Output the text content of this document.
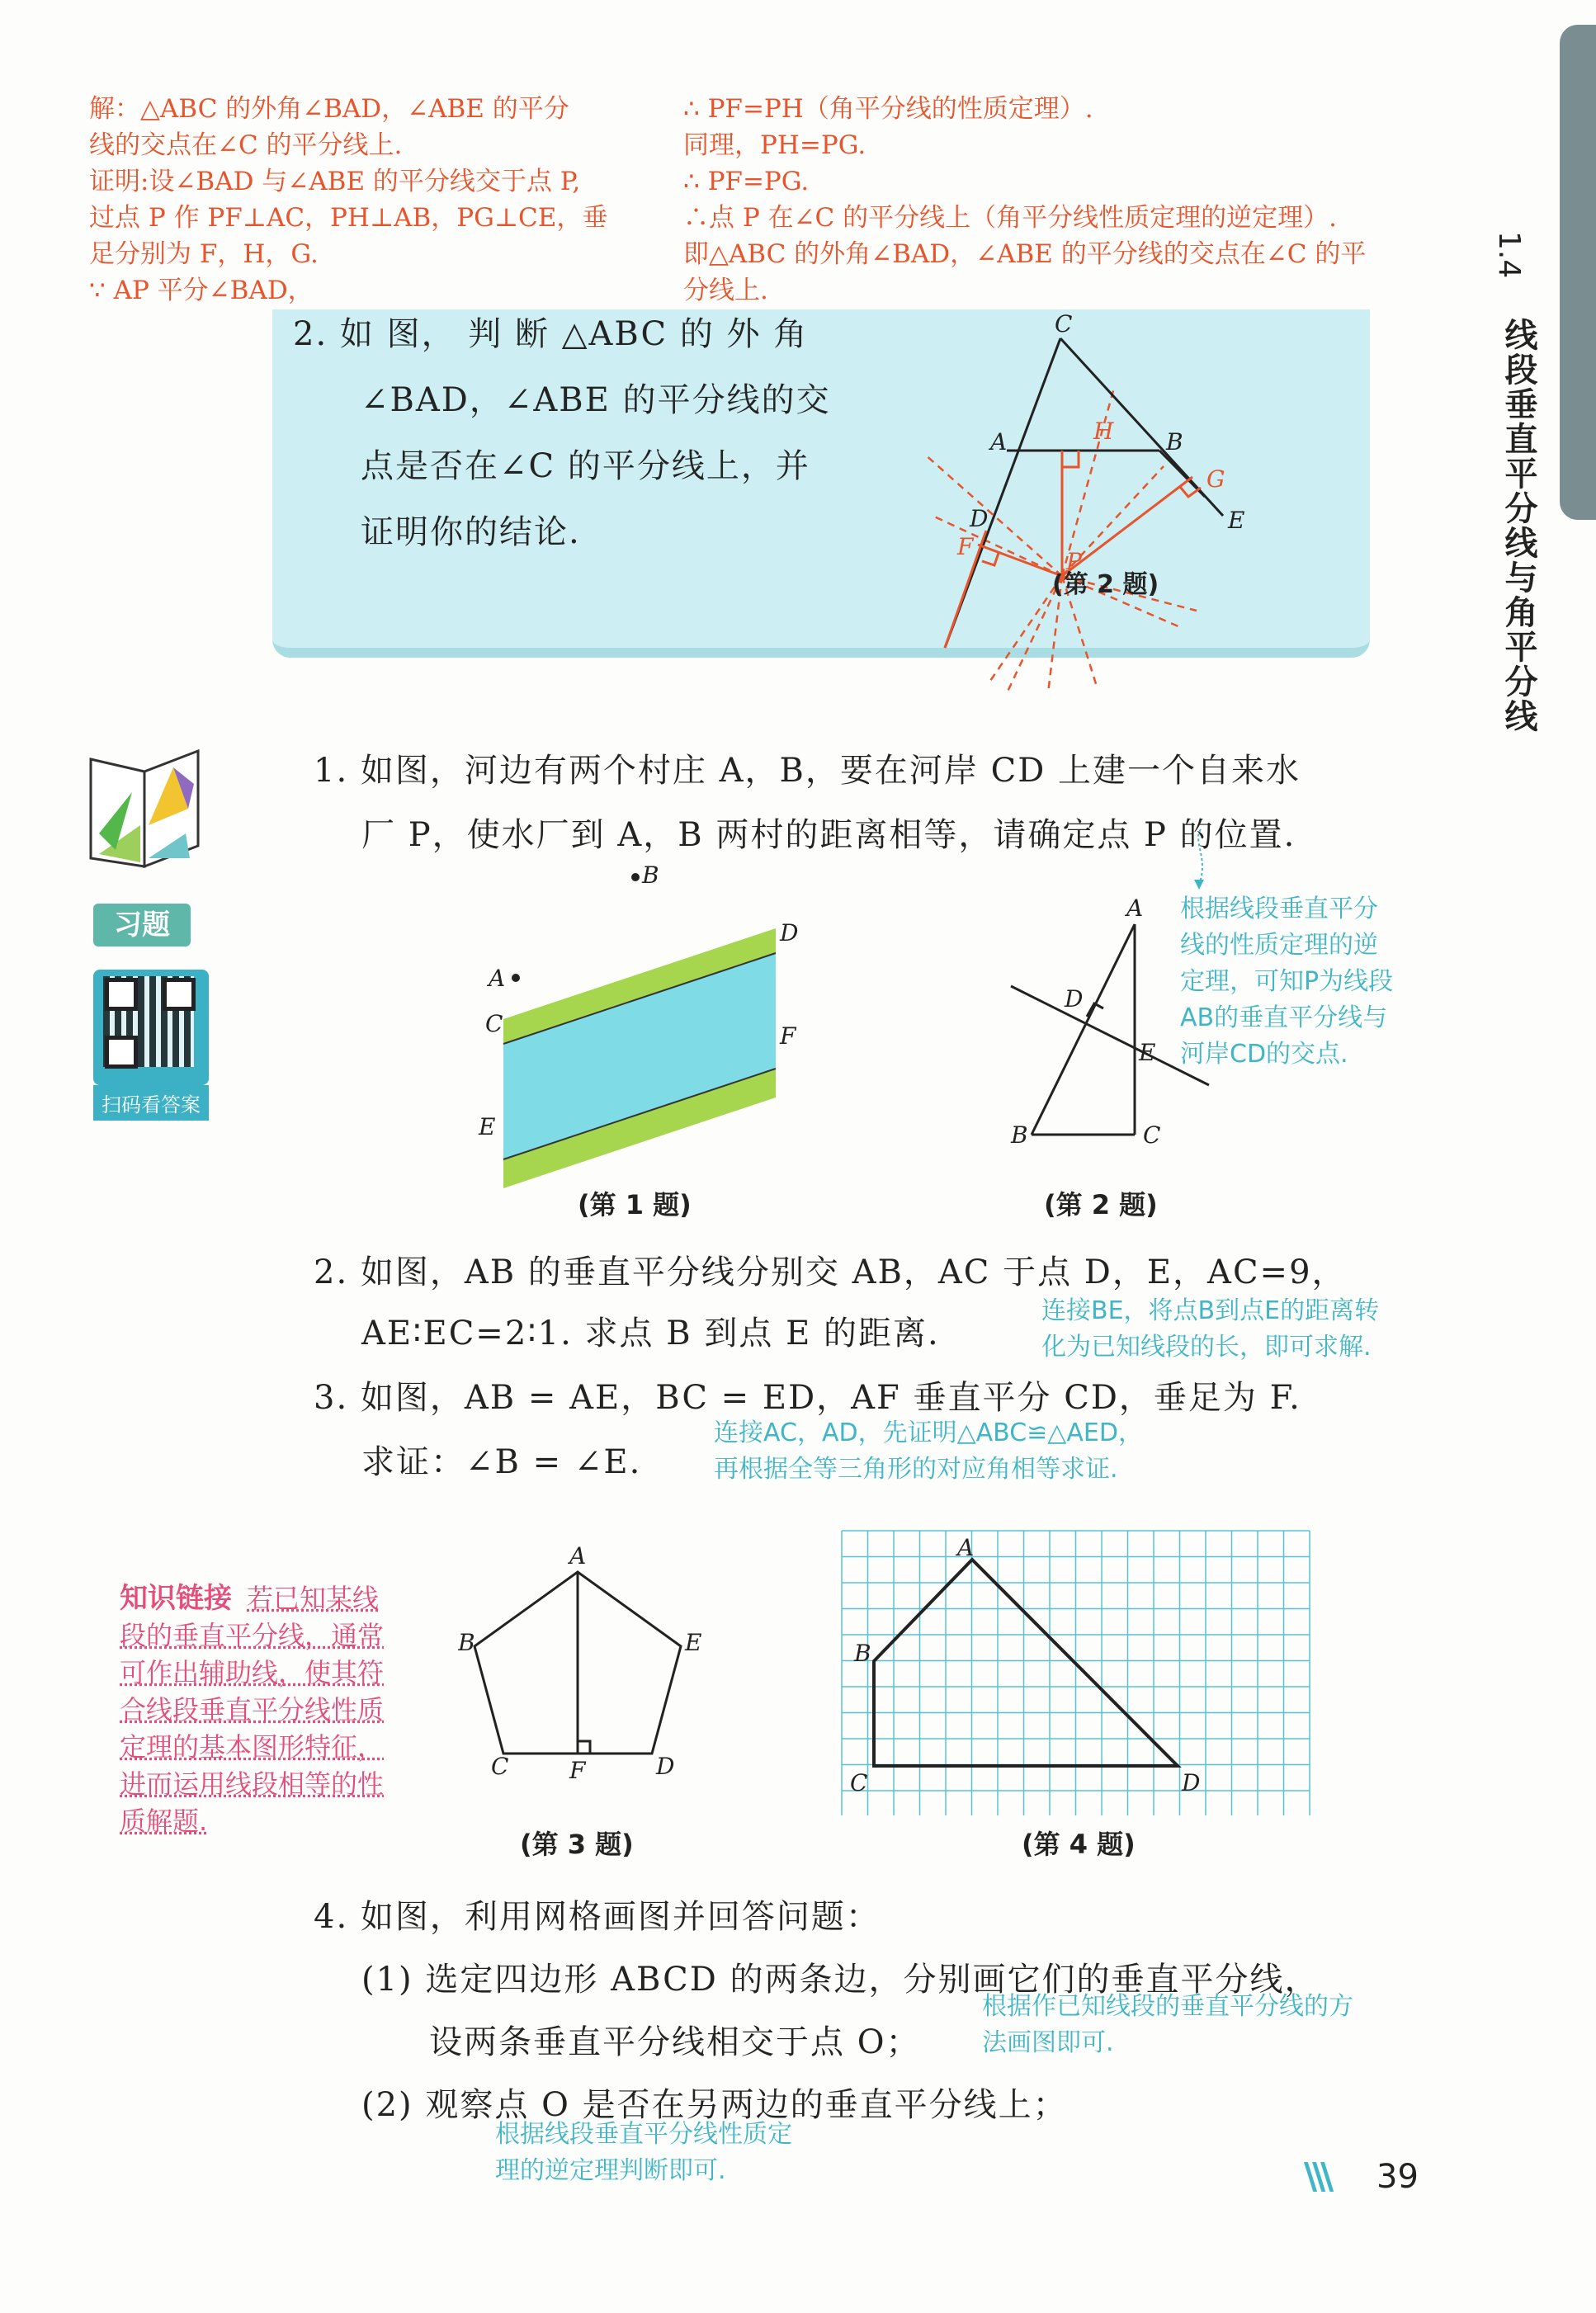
1.4
线段垂直平分线与角平分线
解：△ABC 的外角∠BAD，∠ABE 的平分
线的交点在∠C 的平分线上.
证明:设∠BAD 与∠ABE 的平分线交于点 P,
过点 P 作 PF⊥AC，PH⊥AB，PG⊥CE，垂
足分别为 F，H，G.
∵ AP 平分∠BAD，
∴ PF=PH（角平分线的性质定理）.
同理，PH=PG.
∴ PF=PG.
∴点 P 在∠C 的平分线上（角平分线性质定理的逆定理）.
即△ABC 的外角∠BAD，∠ABE 的平分线的交点在∠C 的平
分线上.
2. 如 图， 判 断 △ABC 的 外 角
∠BAD，∠ABE 的平分线的交
点是否在∠C 的平分线上，并
证明你的结论.
C
A	B
D	E
H
G
F
P
(第 2 题)
习题
扫码看答案
1. 如图，河边有两个村庄 A，B，要在河岸 CD 上建一个自来水
厂 P，使水厂到 A，B 两村的距离相等，请确定点 P 的位置.
根据线段垂直平分
线的性质定理的逆
定理，可知P为线段
AB的垂直平分线与
河岸CD的交点.
B
A
C
D
F
E
(第 1 题)
A
D
E
B	C
(第 2 题)
2. 如图，AB 的垂直平分线分别交 AB，AC 于点 D，E，AC=9，
AE∶EC=2∶1. 求点 B 到点 E 的距离.
连接BE，将点B到点E的距离转
化为已知线段的长，即可求解.
3. 如图，AB = AE，BC = ED，AF 垂直平分 CD，垂足为 F.
求证：∠B = ∠E.
连接AC，AD，先证明△ABC≌△AED，
再根据全等三角形的对应角相等求证.
知识链接 若已知某线
段的垂直平分线，通常
可作出辅助线，使其符
合线段垂直平分线性质
定理的基本图形特征，
进而运用线段相等的性
质解题.
A
B	E
C	F	D
(第 3 题)
A
B
C	D
(第 4 题)
4. 如图，利用网格画图并回答问题：
(1) 选定四边形 ABCD 的两条边，分别画它们的垂直平分线，
设两条垂直平分线相交于点 O；
(2) 观察点 O 是否在另两边的垂直平分线上；
根据作已知线段的垂直平分线的方
法画图即可.
根据线段垂直平分线性质定
理的逆定理判断即可.	\\\ 39
